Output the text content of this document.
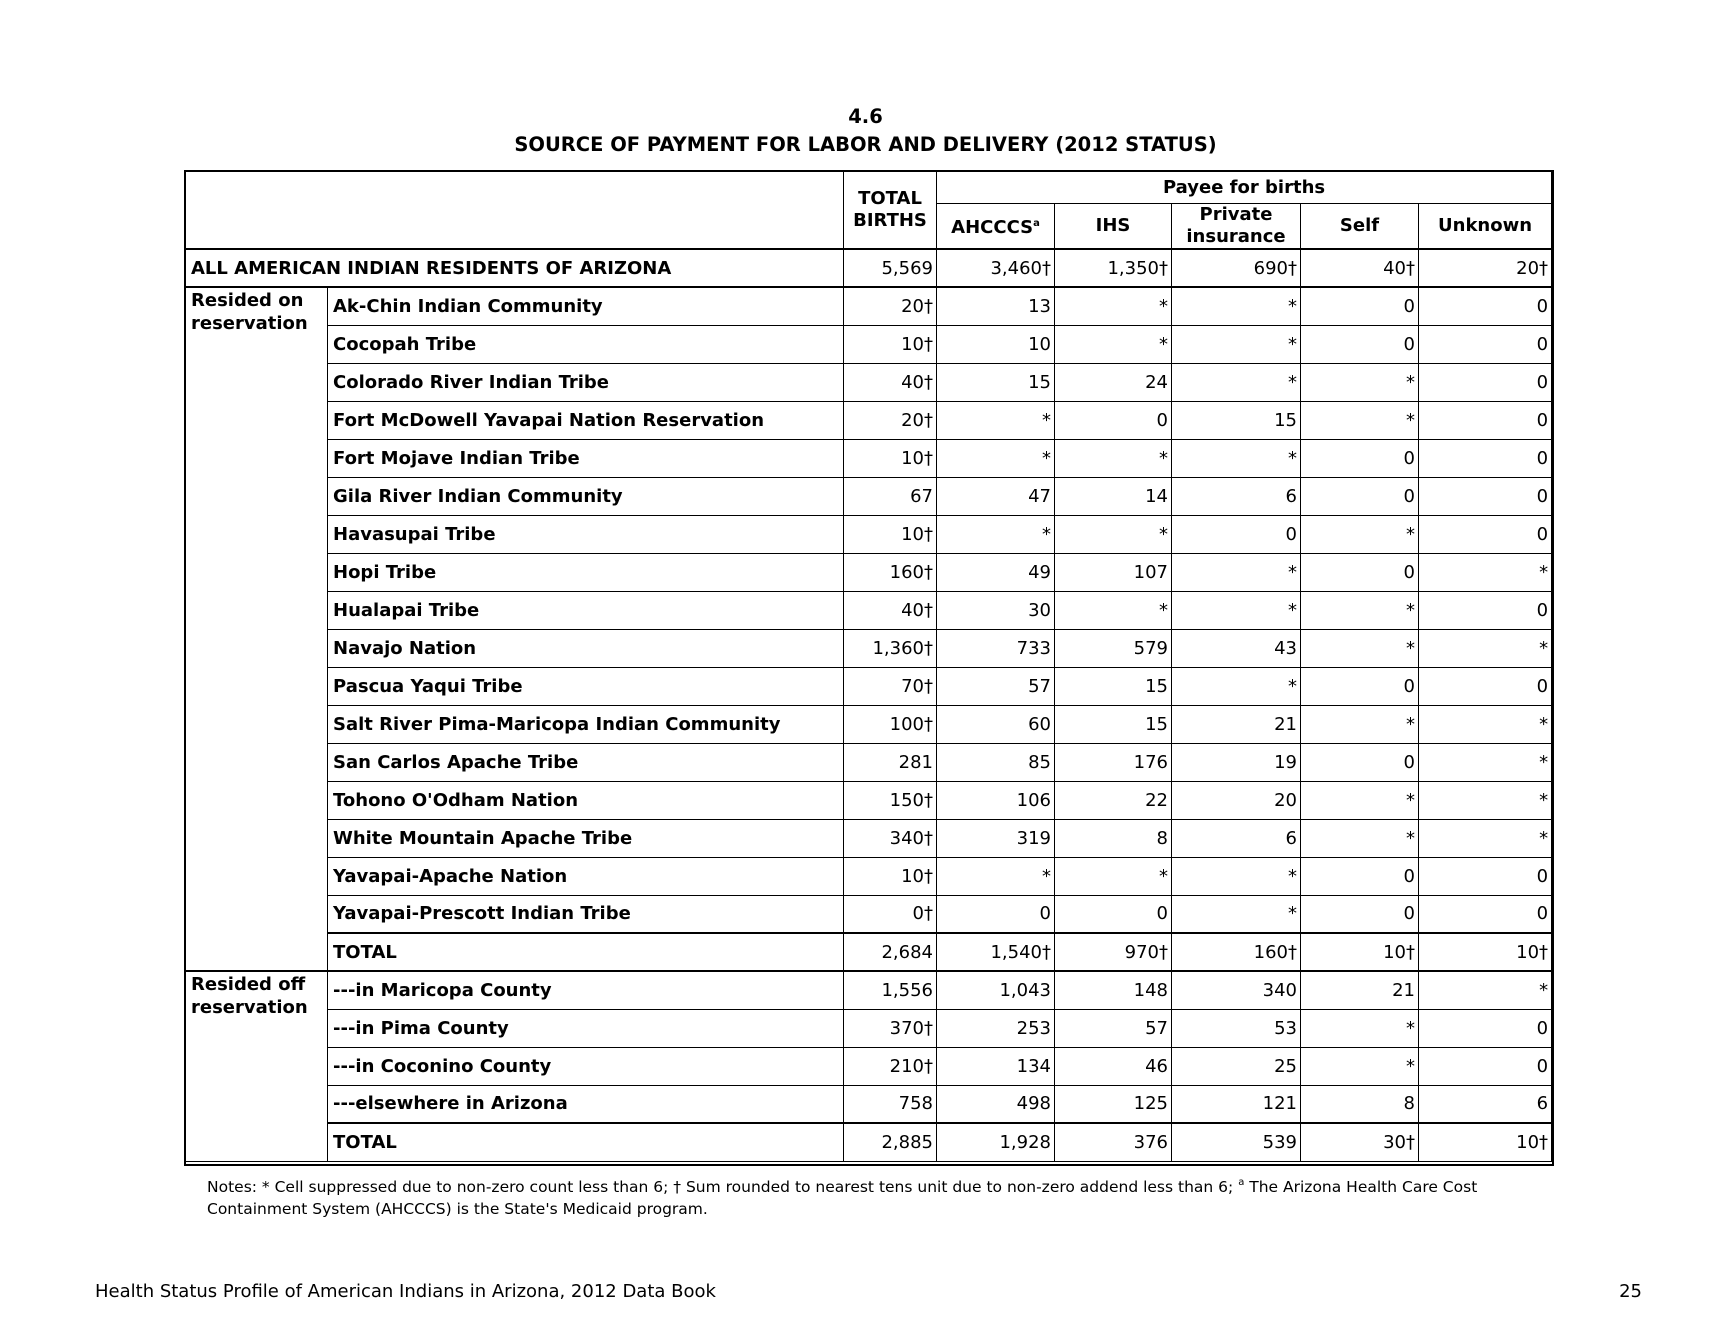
4.6
SOURCE OF PAYMENT FOR LABOR AND DELIVERY (2012 STATUS)
		TOTAL BIRTHS	Payee for births				
			AHCCCS$^a$	IHS	Private insurance	Self	Unknown
ALL AMERICAN INDIAN RESIDENTS OF ARIZONA		5,569	3,460†	1,350†	690†	40†	20†
Resided on reservation	Ak-Chin Indian Community	20†	13	*	*	0	0
	Cocopah Tribe	10†	10	*	*	0	0
	Colorado River Indian Tribe	40†	15	24	*	*	0
	Fort McDowell Yavapai Nation Reservation	20†	*	0	15	*	0
	Fort Mojave Indian Tribe	10†	*	*	*	0	0
	Gila River Indian Community	67	47	14	6	0	0
	Havasupai Tribe	10†	*	*	0	*	0
	Hopi Tribe	160†	49	107	*	0	*
	Hualapai Tribe	40†	30	*	*	*	0
	Navajo Nation	1,360†	733	579	43	*	*
	Pascua Yaqui Tribe	70†	57	15	*	0	0
	Salt River Pima-Maricopa Indian Community	100†	60	15	21	*	*
	San Carlos Apache Tribe	281	85	176	19	0	*
	Tohono O'Odham Nation	150†	106	22	20	*	*
	White Mountain Apache Tribe	340†	319	8	6	*	*
	Yavapai-Apache Nation	10†	*	*	*	0	0
	Yavapai-Prescott Indian Tribe	0†	0	0	*	0	0
	TOTAL	2,684	1,540†	970†	160†	10†	10†
Resided off reservation	---in Maricopa County	1,556	1,043	148	340	21	*
	---in Pima County	370†	253	57	53	*	0
	---in Coconino County	210†	134	46	25	*	0
	---elsewhere in Arizona	758	498	125	121	8	6
	TOTAL	2,885	1,928	376	539	30†	10†
Notes: * Cell suppressed due to non-zero count less than 6; † Sum rounded to nearest tens unit due to non-zero addend less than 6; $^a$ The Arizona Health Care Cost Containment System (AHCCCS) is the State's Medicaid program.
Health Status Profile of American Indians in Arizona, 2012 Data Book	25
